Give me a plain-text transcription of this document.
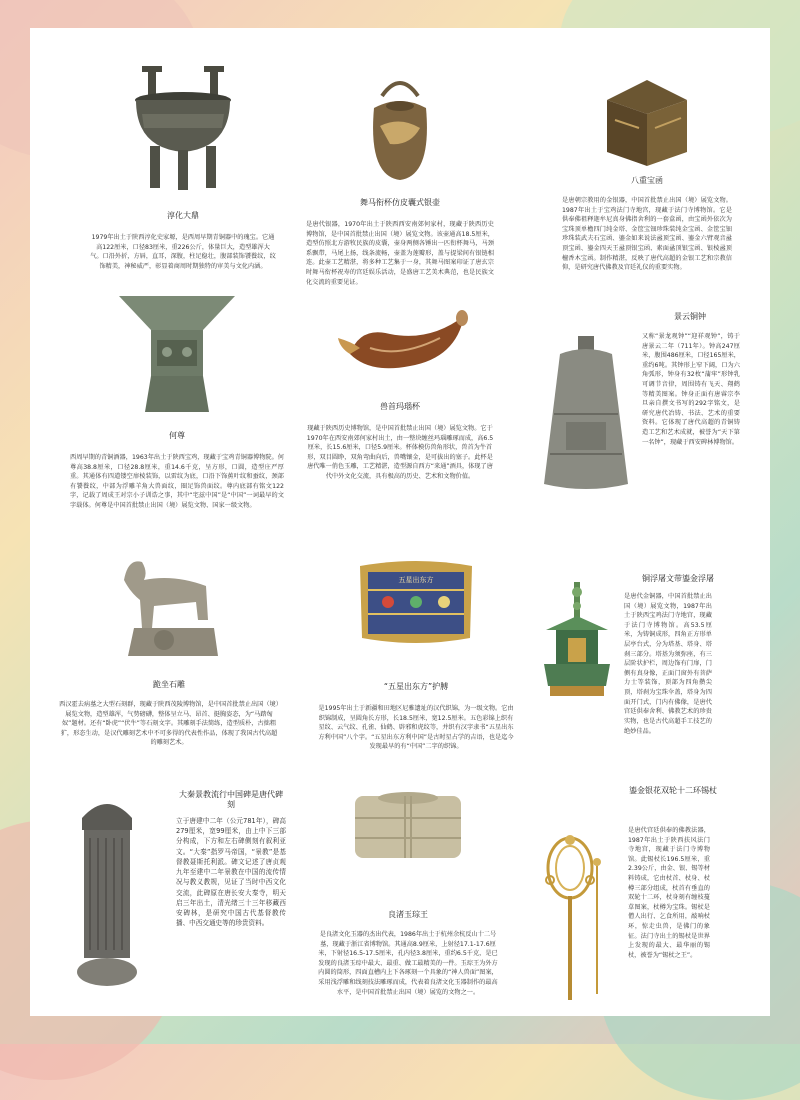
淳化大鼎

1979年出土于陕西淳化史家塬，是西周早期青铜器中的瑰宝。它通高122厘米，口径83厘米，重226公斤，体量巨大，造型雄浑大气。口沿外折，方唇，直耳，深腹，柱足稳壮，腹部装饰饕餮纹，纹饰精美，神秘威严，彰显着商周时期独特的审美与文化内涵。

舞马衔杯仿皮囊式银壶

是唐代银器，1970年出土于陕西西安南郊何家村，现藏于陕西历史博物馆，是中国首批禁止出国（境）展览文物。该壶通高18.5厘米，造型仿照北方游牧民族的皮囊，壶身两侧各锤出一匹衔杯舞马，马颈系飘带，马尾上扬，线条流畅，壶盖为莲瓣形，盖与提梁间有银链相连。此壶工艺精湛，将多种工艺集于一身，其舞马图案印证了唐玄宗时舞马衔杯祝寿的宫廷娱乐活动，是盛唐工艺美术典范，也是民族文化交流的重要见证。

八重宝函

是唐朝宗教用的金银器，中国首批禁止出国（境）展览文物。1987年出土于宝鸡法门寺地宫，现藏于法门寺博物馆。它是供奉佛祖释迦牟尼真身佛指舍利的一套盒函，由宝函外依次为宝珠顶单檐四门纯金塔、金筐宝钿珍珠装纯金宝函、金筐宝钿珍珠装武夫石宝函、鎏金如来说法盝顶宝函、鎏金六臂观音盝顶宝函、鎏金四天王盝顶银宝函、素面盝顶银宝函、银棱盝顶檀香木宝函。制作精湛，反映了唐代高超的金银工艺和宗教信仰，是研究唐代佛教及宫廷礼仪的重要实物。

何尊

西周早期的青铜酒器，1963年出土于陕西宝鸡，现藏于宝鸡青铜器博物院。何尊高38.8厘米，口径28.8厘米，重14.6千克，呈方形，口圆，造型庄严厚重。其通体有四道镂空扉棱装饰，以雷纹为底，口沿下饰蕉叶纹和蚕纹，颈部有饕餮纹，中部为浮雕羊角大兽面纹，圈足饰兽面纹。尊内底部有铭文122字，记载了周成王对宗小子训诰之事，其中“宅兹中国”是“中国”一词最早的文字载体。何尊是中国首批禁止出国（境）展览文物、国家一级文物。

兽首玛瑙杯

现藏于陕西历史博物馆，是中国首批禁止出国（境）展览文物。它于1970年在西安南郊何家村出土，由一整块缠丝玛瑙雕琢而成，高6.5厘米，长15.6厘米，口径5.9厘米。杯体模仿兽角形状，兽首为牛首形，双目圆睁，双角弯曲向后，兽嘴镶金，是可拔出的塞子。此杯是唐代唯一俏色玉雕，工艺精湛，造型源自西方“来通”酒具，体现了唐代中外文化交流，具有极高的历史、艺术和文物价值。

景云铜钟

又称“景龙观钟”“迎祥观钟”，铸于唐景云二年（711年）。钟高247厘米，腹围486厘米，口径165厘米，重约6吨。其钟形上窄下阔，口为六角弧形，钟身有32枚“蒲牢”形钟乳可调节音律，周围铸有飞天、翔鹤等精美图案。钟身正面有唐睿宗李旦亲自撰文书写的292字铭文，是研究唐代冶铸、书法、艺术的重要资料。它体现了唐代高超的青铜铸造工艺和艺术成就，被誉为“天下第一名钟”，现藏于西安碑林博物馆。

跪坐石雕

西汉霍去病墓之大型石刻群，现藏于陕西茂陵博物馆，是中国首批禁止出国（境）展览文物，造型雄浑，气势磅礴，整体呈立马、昂首、挺胸姿态，为“马踏匈奴”题材。还有“卧虎”“伏牛”等石刻文字。其雕刻手法简练，造型质朴，古拙粗犷，形态生动，是汉代雕刻艺术中不可多得的代表性作品，体现了我国古代高超的雕刻艺术。

五星出东方
“五星出东方”护膊

是1995年出土于新疆和田地区尼雅遗址的汉代织锦，为一级文物。它由织锦制成，呈圆角长方形，长18.5厘米，宽12.5厘米。五色彩锦上织有星纹、云气纹、孔雀、仙鹤、辟邪和虎纹等，并织有汉字隶书“五星出东方利中国”八个字。“五星出东方利中国”是古时星占学的吉语，也是迄今发现最早的有“中国”二字的织锦。

铜浮屠文带鎏金浮屠

是唐代金铜器，中国首批禁止出国（境）展览文物，1987年出土于陕西宝鸡法门寺地宫，现藏于法门寺博物馆。高53.5厘米，为铸铜成形，四角正方形单层亭台式，分为塔基、塔身、塔刹三部分。塔基为须弥座，有三层阶状护栏，周边饰有门扉，门侧有真身像，正面门窗外有菩萨力士等装饰，顶部为四角攒尖顶，塔刹为宝珠伞盖，塔身为四面开门式，门内有佛像，是唐代宫廷供奉舍利、佛教艺术的珍贵实物，也是古代高超手工技艺的绝妙佳品。

大秦景教流行中国碑是唐代碑刻

立于唐建中二年（公元781年），碑高279厘米，宽99厘米，由上中下三部分构成，下方和左右碑侧刻有叙利亚文。“大秦”指罗马帝国，“景教”是基督教聂斯托利派。碑文记述了唐贞观九年至建中二年景教在中国的流传情况与教义教规，见证了当时中西文化交流，此碑原在唐长安大秦寺，明天启三年出土，清光绪三十三年移藏西安碑林，是研究中国古代基督教传播、中西交通史等的珍贵资料。

良渚玉琮王

是良渚文化玉器的杰出代表，1986年出土于杭州余杭反山十二号墓，现藏于浙江省博物馆。其通高8.9厘米，上射径17.1-17.6厘米，下射径16.5-17.5厘米，孔内径3.8厘米，重约6.5千克，是已发现的良渚玉琮中最大、最重、做工最精美的一件。玉琮王为外方内圆的筒形，四面直槽内上下各琢刻一个具象的“神人兽面”图案，采用浅浮雕和线刻技法雕琢而成，代表着良渚文化玉器制作的最高水平，是中国首批禁止出国（境）展览的文物之一。

鎏金银花双轮十二环锡杖

是唐代宫廷供奉的佛教法器，1987年出土于陕西扶风法门寺地宫，现藏于法门寺博物馆。此锡杖长196.5厘米，重2.39公斤，由金、银、锡等材料铸成，它由杖首、杖身、杖樽三部分组成，杖首有垂直的双轮十二环，杖身刻有缠枝蔓草图案，杖樽为宝珠。锡杖是僧人出行、乞食所用，敲响杖环，惊走虫兽，是佛门的象征。法门寺出土的锡杖是世界上发现的最大、最华丽的锡杖，被誉为“锡杖之王”。
